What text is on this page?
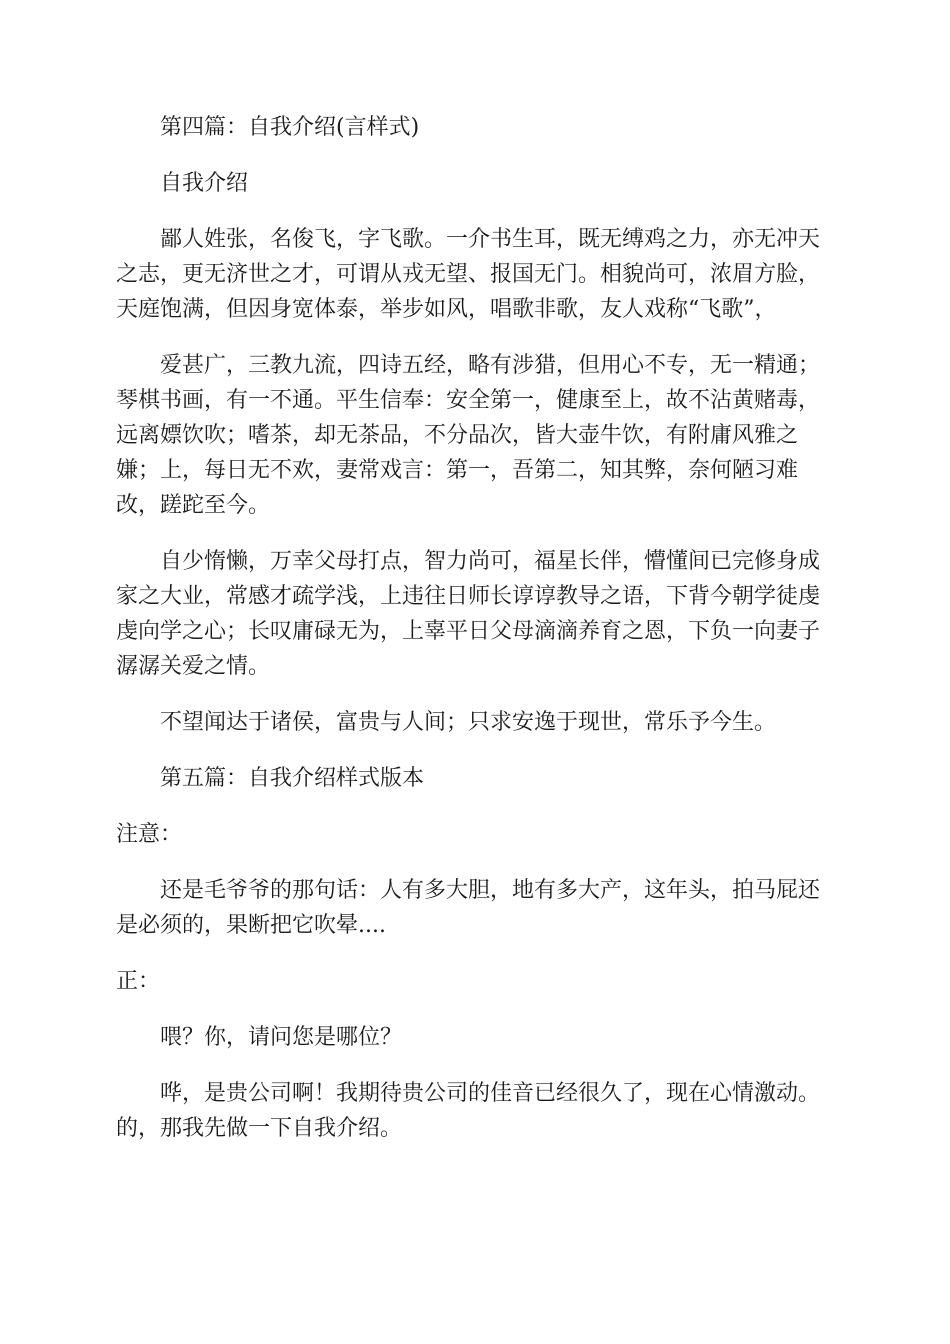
第四篇：自我介绍(言样式)

自我介绍

鄙人姓张，名俊飞，字飞歌。一介书生耳，既无缚鸡之力，亦无冲天之志，更无济世之才，可谓从戎无望、报国无门。相貌尚可，浓眉方脸，天庭饱满，但因身宽体泰，举步如风，唱歌非歌，友人戏称“飞歌”，

爱甚广，三教九流，四诗五经，略有涉猎，但用心不专，无一精通；琴棋书画，有一不通。平生信奉：安全第一，健康至上，故不沾黄赌毒，远离嫖饮吹；嗜茶，却无茶品，不分品次，皆大壶牛饮，有附庸风雅之嫌；上，每日无不欢，妻常戏言：第一，吾第二，知其弊，奈何陋习难改，蹉跎至今。

自少惰懒，万幸父母打点，智力尚可，福星长伴，懵懂间已完修身成家之大业，常感才疏学浅，上违往日师长谆谆教导之语，下背今朝学徒虔虔向学之心；长叹庸碌无为，上辜平日父母滴滴养育之恩，下负一向妻子潺潺关爱之情。

不望闻达于诸侯，富贵与人间；只求安逸于现世，常乐予今生。

第五篇：自我介绍样式版本

注意：

还是毛爷爷的那句话：人有多大胆，地有多大产，这年头，拍马屁还是必须的，果断把它吹晕....

正：

喂？你，请问您是哪位？

哗，是贵公司啊！我期待贵公司的佳音已经很久了，现在心情激动。的，那我先做一下自我介绍。
